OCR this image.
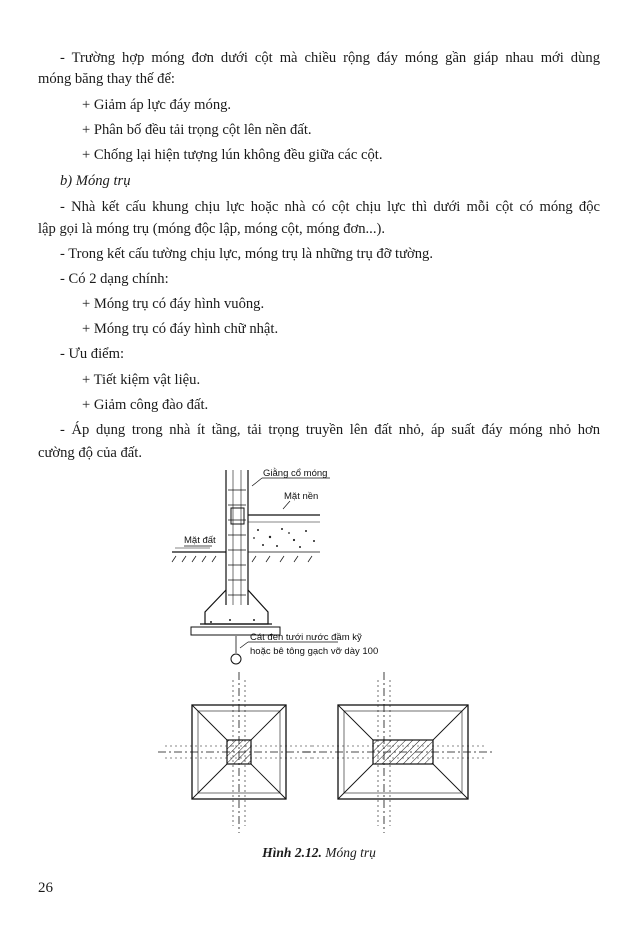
- Trường hợp móng đơn dưới cột mà chiều rộng đáy móng gần giáp nhau mới dùng
móng băng thay thế để:
+ Giảm áp lực đáy móng.
+ Phân bố đều tải trọng cột lên nền đất.
+ Chống lại hiện tượng lún không đều giữa các cột.
b) Móng trụ
- Nhà kết cấu khung chịu lực hoặc nhà có cột chịu lực thì dưới mỗi cột có móng độc
lập gọi là móng trụ (móng độc lập, móng cột, móng đơn...).
- Trong kết cấu tường chịu lực, móng trụ là những trụ đỡ tường.
- Có 2 dạng chính:
+ Móng trụ có đáy hình vuông.
+ Móng trụ có đáy hình chữ nhật.
- Ưu điểm:
+ Tiết kiệm vật liệu.
+ Giảm công đào đất.
- Áp dụng trong nhà ít tầng, tải trọng truyền lên đất nhỏ, áp suất đáy móng nhỏ hơn
cường độ của đất.
Giằng cổ móng
Mặt nền
Mặt đất
Cát đen tưới nước đầm kỹ
hoặc bê tông gạch vỡ dày 100
Hình 2.12. Móng trụ
26
